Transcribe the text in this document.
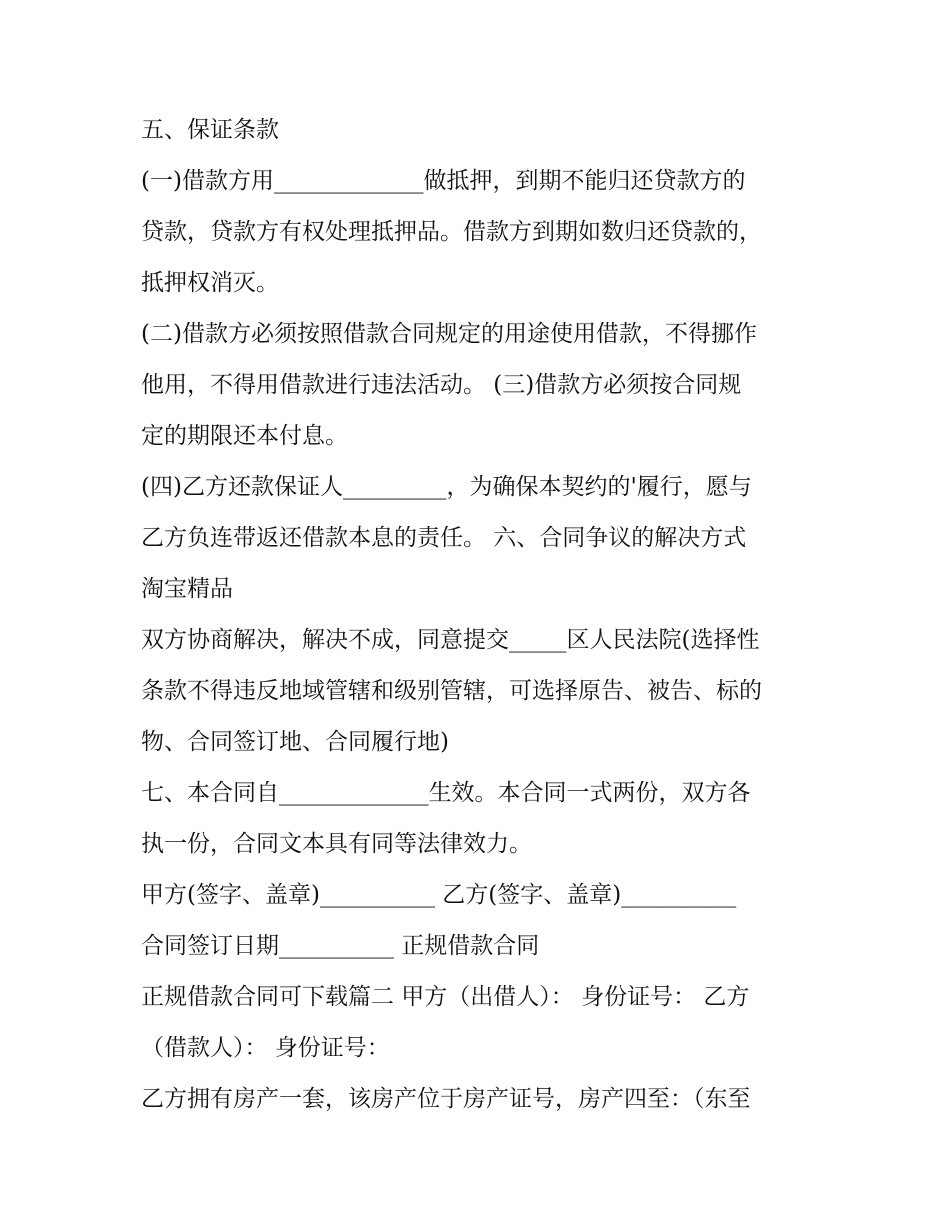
五、保证条款

(一)借款方用_____________做抵押，到期不能归还贷款方的

贷款，贷款方有权处理抵押品。借款方到期如数归还贷款的，

抵押权消灭。

(二)借款方必须按照借款合同规定的用途使用借款，不得挪作

他用，不得用借款进行违法活动。 (三)借款方必须按合同规

定的期限还本付息。

(四)乙方还款保证人_________，为确保本契约的'履行，愿与

乙方负连带返还借款本息的责任。 六、合同争议的解决方式

淘宝精品

双方协商解决，解决不成，同意提交_____区人民法院(选择性

条款不得违反地域管辖和级别管辖，可选择原告、被告、标的

物、合同签订地、合同履行地)

七、本合同自_____________生效。本合同一式两份，双方各

执一份，合同文本具有同等法律效力。

甲方(签字、盖章)__________ 乙方(签字、盖章)__________

合同签订日期__________ 正规借款合同

正规借款合同可下载篇二 甲方（出借人）： 身份证号： 乙方

（借款人）： 身份证号：

乙方拥有房产一套，该房产位于房产证号，房产四至：（东至
